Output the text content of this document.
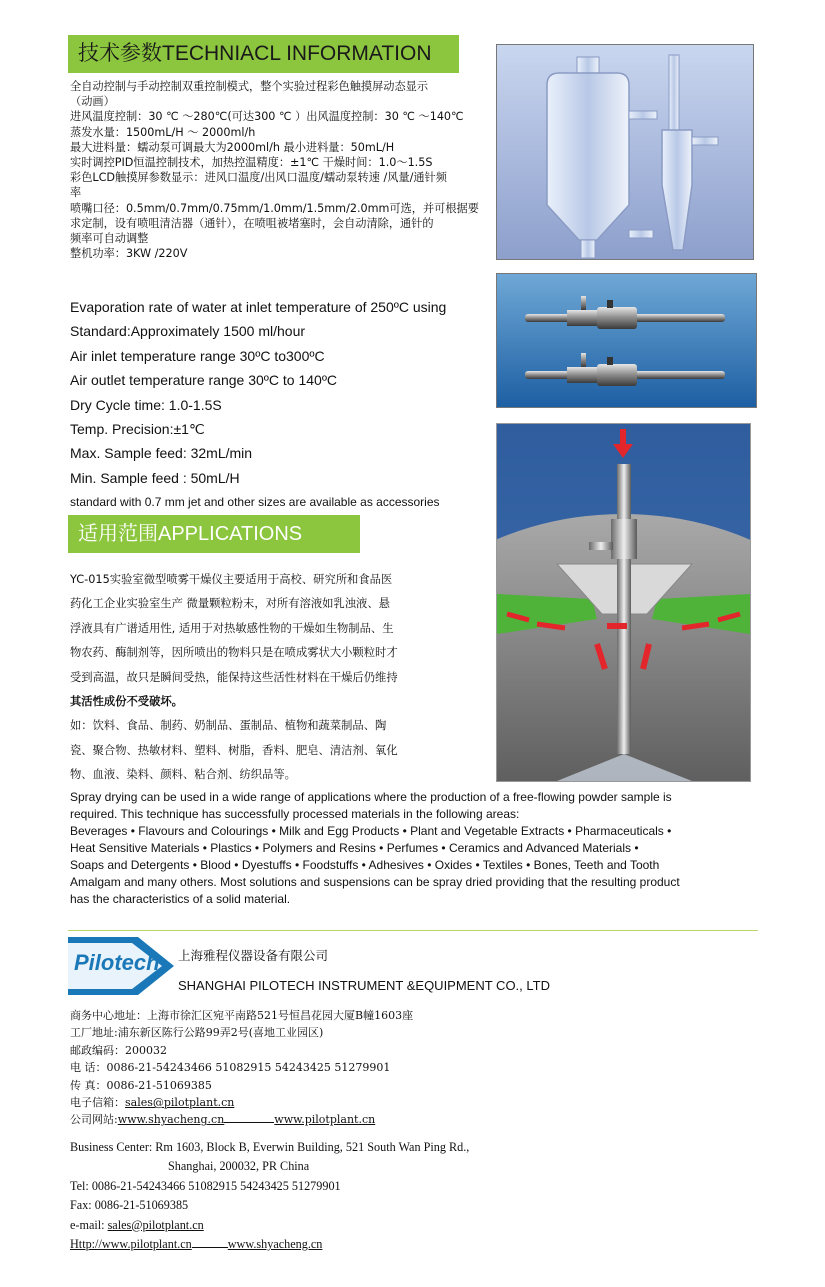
技术参数TECHNIACL INFORMATION
全自动控制与手动控制双重控制模式，整个实验过程彩色触摸屏动态显示
（动画）
进风温度控制：30 ℃ ～280℃(可达300 ℃ ）出风温度控制：30 ℃ ～140℃
蒸发水量：1500mL/H ～ 2000ml/h
最大进料量：蠕动泵可调最大为2000ml/h 最小进料量：50mL/H
实时调控PID恒温控制技术，加热控温精度：±1℃ 干燥时间：1.0～1.5S
彩色LCD触摸屏参数显示：进风口温度/出风口温度/蠕动泵转速 /风量/通针频
率
喷嘴口径：0.5mm/0.7mm/0.75mm/1.0mm/1.5mm/2.0mm可选，并可根据要
求定制，设有喷咀清洁器（通针），在喷咀被堵塞时，会自动清除，通针的
频率可自动调整
整机功率：3KW /220V
Evaporation rate of water at inlet temperature of 250ºC using
Standard:Approximately 1500 ml/hour
Air inlet temperature range 30ºC to300ºC
Air outlet temperature range 30ºC to 140ºC
Dry Cycle time: 1.0-1.5S
Temp. Precision:±1℃
Max. Sample feed: 32mL/min
Min. Sample feed : 50mL/H
standard with 0.7 mm jet and other sizes are available as accessories
适用范围APPLICATIONS
YC-015实验室微型喷雾干燥仪主要适用于高校、研究所和食品医
药化工企业实验室生产 微量颗粒粉末，对所有溶液如乳浊液、悬
浮液具有广谱适用性, 适用于对热敏感性物的干燥如生物制品、生
物农药、酶制剂等，因所喷出的物料只是在喷成雾状大小颗粒时才
受到高温，故只是瞬间受热，能保持这些活性材料在干燥后仍维持
其活性成份不受破坏。
如：饮料、食品、制药、奶制品、蛋制品、植物和蔬菜制品、陶
瓷、聚合物、热敏材料、塑料、树脂，香料、肥皂、清洁剂、氧化
物、血液、染料、颜料、粘合剂、纺织品等。
Spray drying can be used in a wide range of applications where the production of a free-flowing powder sample is
required. This technique has successfully processed materials in the following areas:
Beverages • Flavours and Colourings • Milk and Egg Products • Plant and Vegetable Extracts • Pharmaceuticals •
Heat Sensitive Materials • Plastics • Polymers and Resins • Perfumes • Ceramics and Advanced Materials •
Soaps and Detergents • Blood • Dyestuffs • Foodstuffs • Adhesives • Oxides • Textiles • Bones, Teeth and Tooth
Amalgam and many others. Most solutions and suspensions can be spray dried providing that the resulting product
has the characteristics of a solid material.
Pilotech 上海雅程仪器设备有限公司
SHANGHAI PILOTECH INSTRUMENT &EQUIPMENT CO., LTD
商务中心地址：上海市徐汇区宛平南路521号恒昌花园大厦B幢1603座
工厂地址:浦东新区陈行公路99弄2号(喜地工业园区)
邮政编码：200032
电 话：0086-21-54243466 51082915 54243425 51279901
传 真：0086-21-51069385
电子信箱：sales@pilotplant.cn
公司网站:www.shyacheng.cn	www.pilotplant.cn
Business Center: Rm 1603, Block B, Everwin Building, 521 South Wan Ping Rd.,
Shanghai, 200032, PR China
Tel: 0086-21-54243466 51082915 54243425 51279901
Fax: 0086-21-51069385
e-mail: sales@pilotplant.cn
Http://www.pilotplant.cn	www.shyacheng.cn
